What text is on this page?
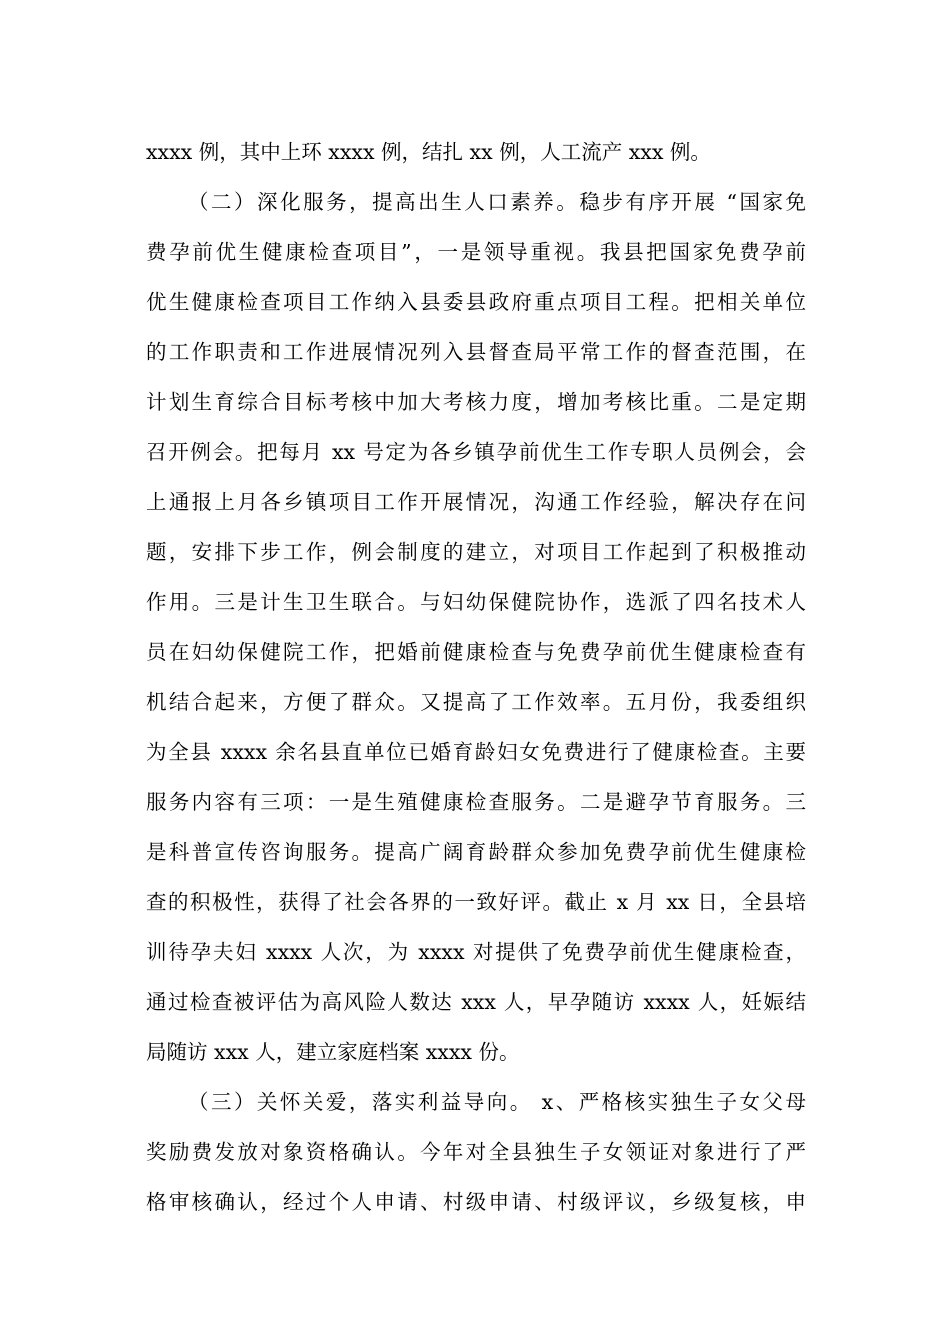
xxxx 例，其中上环 xxxx 例，结扎 xx 例，人工流产 xxx 例。
（二）深化服务，提高出生人口素养。稳步有序开展 “国家免
费孕前优生健康检查项目”，一是领导重视。我县把国家免费孕前
优生健康检查项目工作纳入县委县政府重点项目工程。把相关单位
的工作职责和工作进展情况列入县督查局平常工作的督查范围，在
计划生育综合目标考核中加大考核力度，增加考核比重。二是定期
召开例会。把每月 xx 号定为各乡镇孕前优生工作专职人员例会，会
上通报上月各乡镇项目工作开展情况，沟通工作经验，解决存在问
题，安排下步工作，例会制度的建立，对项目工作起到了积极推动
作用。三是计生卫生联合。与妇幼保健院协作，选派了四名技术人
员在妇幼保健院工作，把婚前健康检查与免费孕前优生健康检查有
机结合起来，方便了群众。又提高了工作效率。五月份，我委组织
为全县 xxxx 余名县直单位已婚育龄妇女免费进行了健康检查。主要
服务内容有三项：一是生殖健康检查服务。二是避孕节育服务。三
是科普宣传咨询服务。提高广阔育龄群众参加免费孕前优生健康检
查的积极性，获得了社会各界的一致好评。截止 x 月 xx 日，全县培
训待孕夫妇 xxxx 人次，为 xxxx 对提供了免费孕前优生健康检查，
通过检查被评估为高风险人数达 xxx 人，早孕随访 xxxx 人，妊娠结
局随访 xxx 人，建立家庭档案 xxxx 份。
（三）关怀关爱，落实利益导向。 x、严格核实独生子女父母
奖励费发放对象资格确认。今年对全县独生子女领证对象进行了严
格审核确认，经过个人申请、村级申请、村级评议，乡级复核，申
